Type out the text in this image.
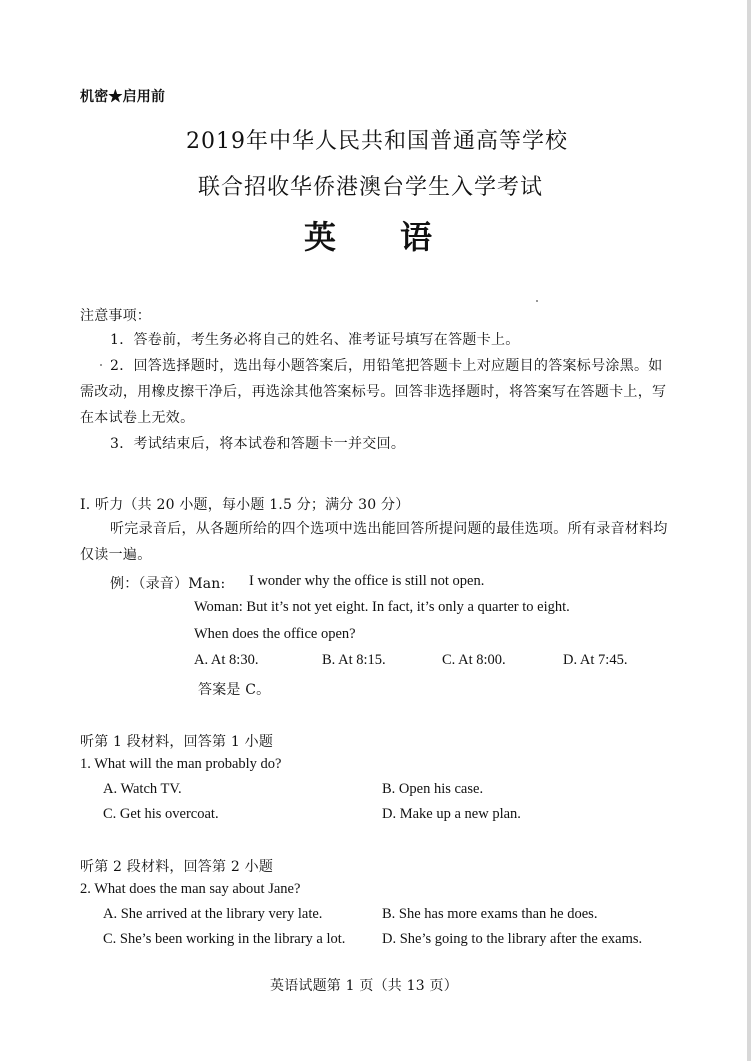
机密★启用前
2019年中华人民共和国普通高等学校
联合招收华侨港澳台学生入学考试
英 语
注意事项：
1．答卷前，考生务必将自己的姓名、准考证号填写在答题卡上。
2．回答选择题时，选出每小题答案后，用铅笔把答题卡上对应题目的答案标号涂黑。如需改动，用橡皮擦干净后，再选涂其他答案标号。回答非选择题时，将答案写在答题卡上，写在本试卷上无效。
3．考试结束后，将本试卷和答题卡一并交回。
I. 听力（共 20 小题，每小题 1.5 分；满分 30 分）
听完录音后，从各题所给的四个选项中选出能回答所提问题的最佳选项。所有录音材料均仅读一遍。
例：（录音）Man: I wonder why the office is still not open.
Woman: But it’s not yet eight. In fact, it’s only a quarter to eight.
When does the office open?
A. At 8:30.	B. At 8:15.	C. At 8:00.	D. At 7:45.
答案是 C。
听第 1 段材料，回答第 1 小题
1. What will the man probably do?
A. Watch TV.	B. Open his case.
C. Get his overcoat.	D. Make up a new plan.
听第 2 段材料，回答第 2 小题
2. What does the man say about Jane?
A. She arrived at the library very late.	B. She has more exams than he does.
C. She’s been working in the library a lot.	D. She’s going to the library after the exams.
英语试题第 1 页（共 13 页）
